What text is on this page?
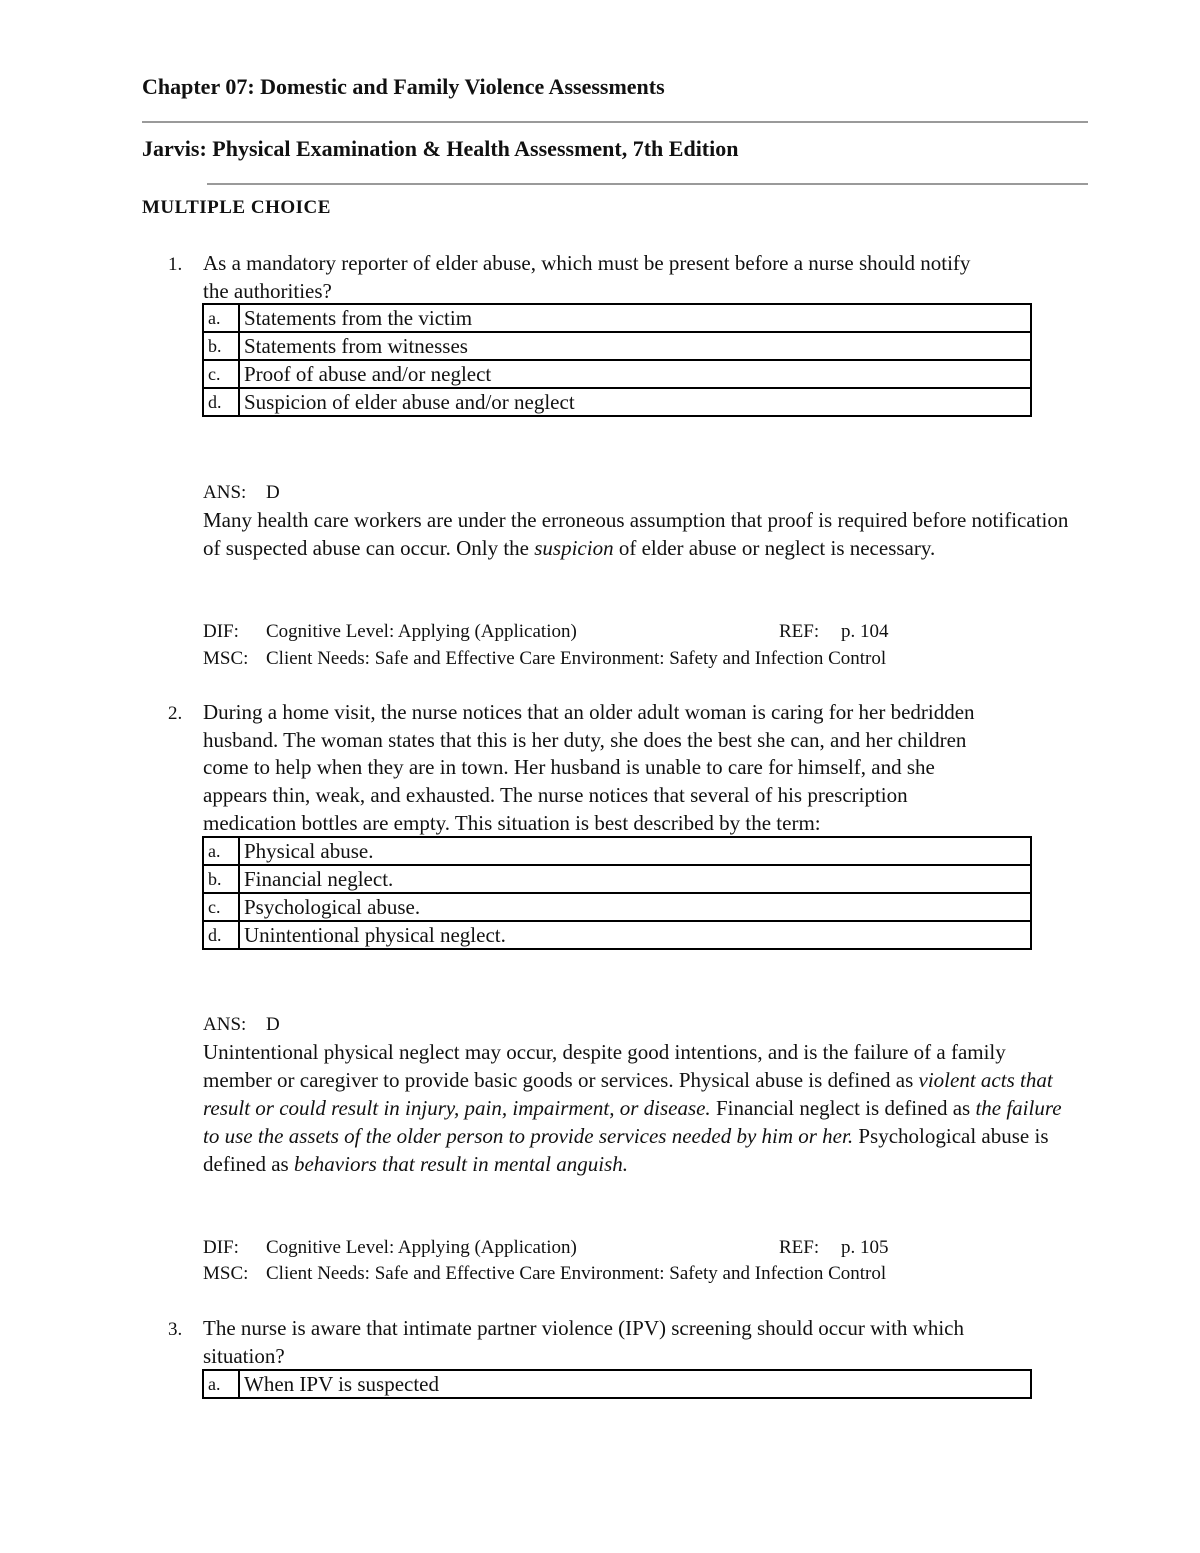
Chapter 07: Domestic and Family Violence Assessments
Jarvis: Physical Examination & Health Assessment, 7th Edition
MULTIPLE CHOICE
1. As a mandatory reporter of elder abuse, which must be present before a nurse should notify
the authorities?
a.	Statements from the victim
b.	Statements from witnesses
c.	Proof of abuse and/or neglect
d.	Suspicion of elder abuse and/or neglect
ANS: D
Many health care workers are under the erroneous assumption that proof is required before notification of suspected abuse can occur. Only the suspicion of elder abuse or neglect is necessary.
DIF: Cognitive Level: Applying (Application)	REF: p. 104
MSC: Client Needs: Safe and Effective Care Environment: Safety and Infection Control
2. During a home visit, the nurse notices that an older adult woman is caring for her bedridden
husband. The woman states that this is her duty, she does the best she can, and her children
come to help when they are in town. Her husband is unable to care for himself, and she
appears thin, weak, and exhausted. The nurse notices that several of his prescription
medication bottles are empty. This situation is best described by the term:
a.	Physical abuse.
b.	Financial neglect.
c.	Psychological abuse.
d.	Unintentional physical neglect.
ANS: D
Unintentional physical neglect may occur, despite good intentions, and is the failure of a family member or caregiver to provide basic goods or services. Physical abuse is defined as violent acts that result or could result in injury, pain, impairment, or disease. Financial neglect is defined as the failure to use the assets of the older person to provide services needed by him or her. Psychological abuse is defined as behaviors that result in mental anguish.
DIF: Cognitive Level: Applying (Application)	REF: p. 105
MSC: Client Needs: Safe and Effective Care Environment: Safety and Infection Control
3. The nurse is aware that intimate partner violence (IPV) screening should occur with which
situation?
a.	When IPV is suspected
